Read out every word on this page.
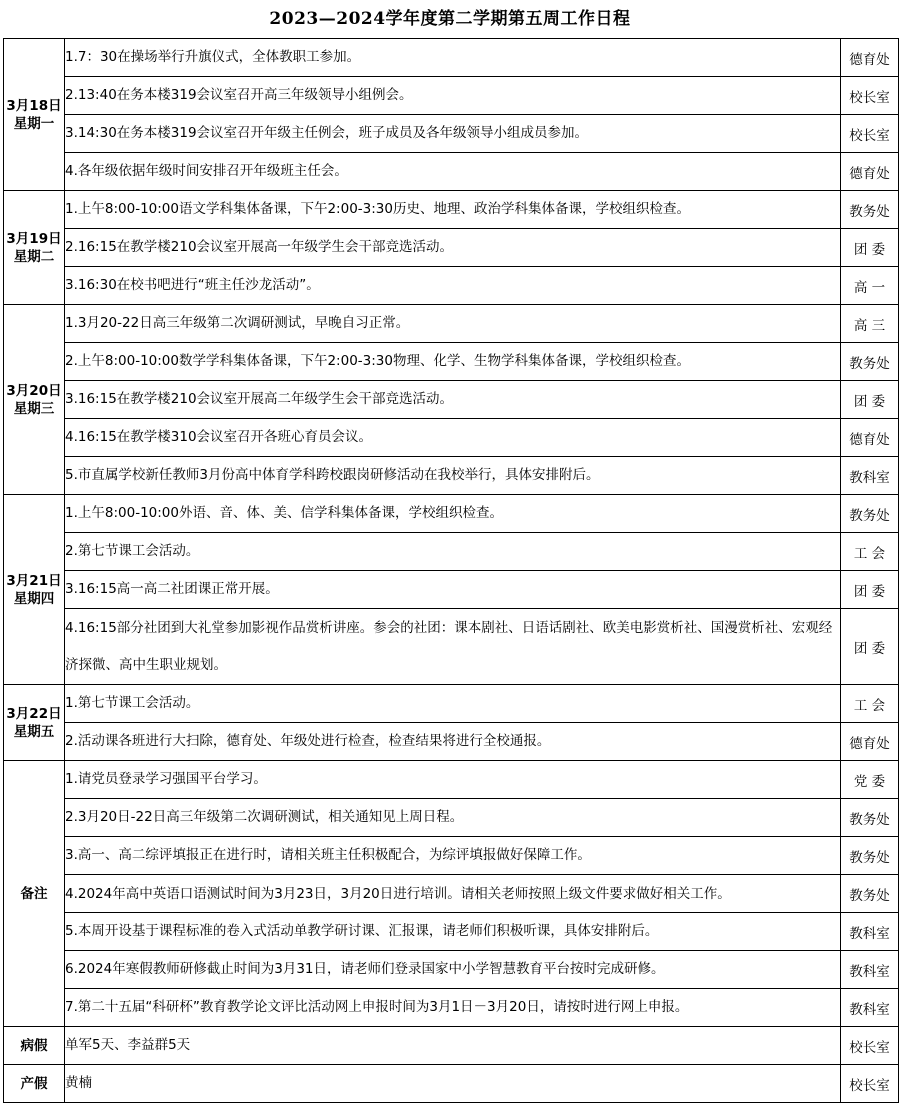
2023—2024学年度第二学期第五周工作日程
3月18日
星期一	1.7：30在操场举行升旗仪式，全体教职工参加。	德育处
	2.13:40在务本楼319会议室召开高三年级领导小组例会。	校长室
	3.14:30在务本楼319会议室召开年级主任例会，班子成员及各年级领导小组成员参加。	校长室
	4.各年级依据年级时间安排召开年级班主任会。	德育处
3月19日
星期二	1.上午8:00-10:00语文学科集体备课，下午2:00-3:30历史、地理、政治学科集体备课，学校组织检查。	教务处
	2.16:15在教学楼210会议室开展高一年级学生会干部竞选活动。	团 委
	3.16:30在校书吧进行“班主任沙龙活动”。	高 一
3月20日
星期三	1.3月20-22日高三年级第二次调研测试，早晚自习正常。	高 三
	2.上午8:00-10:00数学学科集体备课，下午2:00-3:30物理、化学、生物学科集体备课，学校组织检查。	教务处
	3.16:15在教学楼210会议室开展高二年级学生会干部竞选活动。	团 委
	4.16:15在教学楼310会议室召开各班心育员会议。	德育处
	5.市直属学校新任教师3月份高中体育学科跨校跟岗研修活动在我校举行，具体安排附后。	教科室
3月21日
星期四	1.上午8:00-10:00外语、音、体、美、信学科集体备课，学校组织检查。	教务处
	2.第七节课工会活动。	工 会
	3.16:15高一高二社团课正常开展。	团 委
	4.16:15部分社团到大礼堂参加影视作品赏析讲座。参会的社团：课本剧社、日语话剧社、欧美电影赏析社、国漫赏析社、宏观经济探微、高中生职业规划。	团 委
3月22日
星期五	1.第七节课工会活动。	工 会
	2.活动课各班进行大扫除，德育处、年级处进行检查，检查结果将进行全校通报。	德育处
备注	1.请党员登录学习强国平台学习。	党 委
	2.3月20日-22日高三年级第二次调研测试，相关通知见上周日程。	教务处
	3.高一、高二综评填报正在进行时，请相关班主任积极配合，为综评填报做好保障工作。	教务处
	4.2024年高中英语口语测试时间为3月23日，3月20日进行培训。请相关老师按照上级文件要求做好相关工作。	教务处
	5.本周开设基于课程标准的卷入式活动单教学研讨课、汇报课，请老师们积极听课，具体安排附后。	教科室
	6.2024年寒假教师研修截止时间为3月31日，请老师们登录国家中小学智慧教育平台按时完成研修。	教科室
	7.第二十五届“科研杯”教育教学论文评比活动网上申报时间为3月1日－3月20日，请按时进行网上申报。	教科室
病假	单军5天、李益群5天	校长室
产假	黄楠	校长室
